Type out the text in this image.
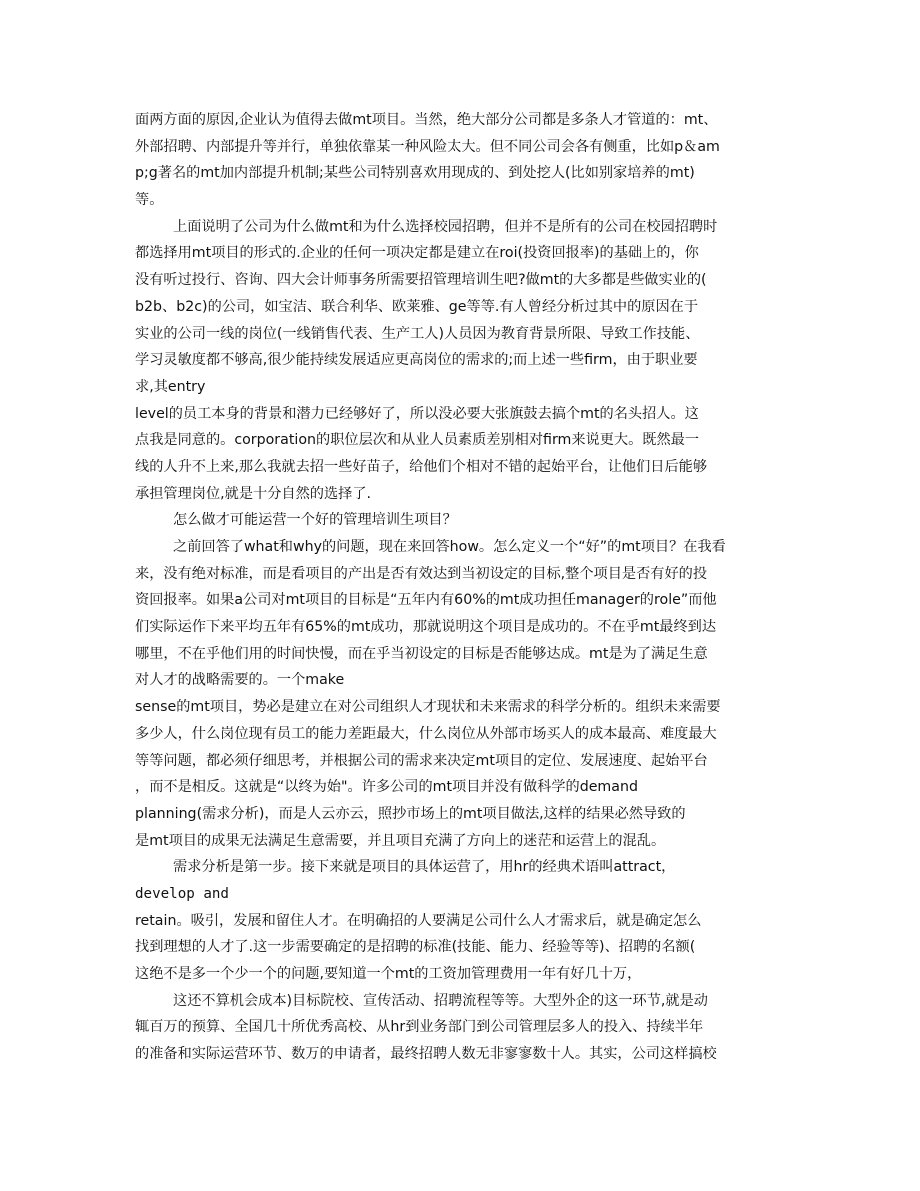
面两方面的原因,企业认为值得去做mt项目。当然，绝大部分公司都是多条人才管道的：mt、
外部招聘、内部提升等并行，单独依靠某一种风险太大。但不同公司会各有侧重，比如p＆am
p;g著名的mt加内部提升机制;某些公司特别喜欢用现成的、到处挖人(比如别家培养的mt)
等。
上面说明了公司为什么做mt和为什么选择校园招聘，但并不是所有的公司在校园招聘时
都选择用mt项目的形式的.企业的任何一项决定都是建立在roi(投资回报率)的基础上的，你
没有听过投行、咨询、四大会计师事务所需要招管理培训生吧?做mt的大多都是些做实业的(
b2b、b2c)的公司，如宝洁、联合利华、欧莱雅、ge等等.有人曾经分析过其中的原因在于
实业的公司一线的岗位(一线销售代表、生产工人)人员因为教育背景所限、导致工作技能、
学习灵敏度都不够高,很少能持续发展适应更高岗位的需求的;而上述一些firm，由于职业要
求,其entry
level的员工本身的背景和潜力已经够好了，所以没必要大张旗鼓去搞个mt的名头招人。这
点我是同意的。corporation的职位层次和从业人员素质差别相对firm来说更大。既然最一
线的人升不上来,那么我就去招一些好苗子，给他们个相对不错的起始平台，让他们日后能够
承担管理岗位,就是十分自然的选择了.
怎么做才可能运营一个好的管理培训生项目？
之前回答了what和why的问题，现在来回答how。怎么定义一个“好”的mt项目？在我看
来，没有绝对标准，而是看项目的产出是否有效达到当初设定的目标,整个项目是否有好的投
资回报率。如果a公司对mt项目的目标是“五年内有60%的mt成功担任manager的role”而他
们实际运作下来平均五年有65%的mt成功，那就说明这个项目是成功的。不在乎mt最终到达
哪里，不在乎他们用的时间快慢，而在乎当初设定的目标是否能够达成。mt是为了满足生意
对人才的战略需要的。一个make
sense的mt项目，势必是建立在对公司组织人才现状和未来需求的科学分析的。组织未来需要
多少人，什么岗位现有员工的能力差距最大，什么岗位从外部市场买人的成本最高、难度最大
等等问题，都必须仔细思考，并根据公司的需求来决定mt项目的定位、发展速度、起始平台
，而不是相反。这就是“以终为始"。许多公司的mt项目并没有做科学的demand
planning(需求分析)，而是人云亦云，照抄市场上的mt项目做法,这样的结果必然导致的
是mt项目的成果无法满足生意需要，并且项目充满了方向上的迷茫和运营上的混乱。
需求分析是第一步。接下来就是项目的具体运营了，用hr的经典术语叫attract，
develop and
retain。吸引，发展和留住人才。在明确招的人要满足公司什么人才需求后，就是确定怎么
找到理想的人才了.这一步需要确定的是招聘的标准(技能、能力、经验等等)、招聘的名额(
这绝不是多一个少一个的问题,要知道一个mt的工资加管理费用一年有好几十万，
这还不算机会成本)目标院校、宣传活动、招聘流程等等。大型外企的这一环节,就是动
辄百万的预算、全国几十所优秀高校、从hr到业务部门到公司管理层多人的投入、持续半年
的准备和实际运营环节、数万的申请者，最终招聘人数无非寥寥数十人。其实，公司这样搞校
